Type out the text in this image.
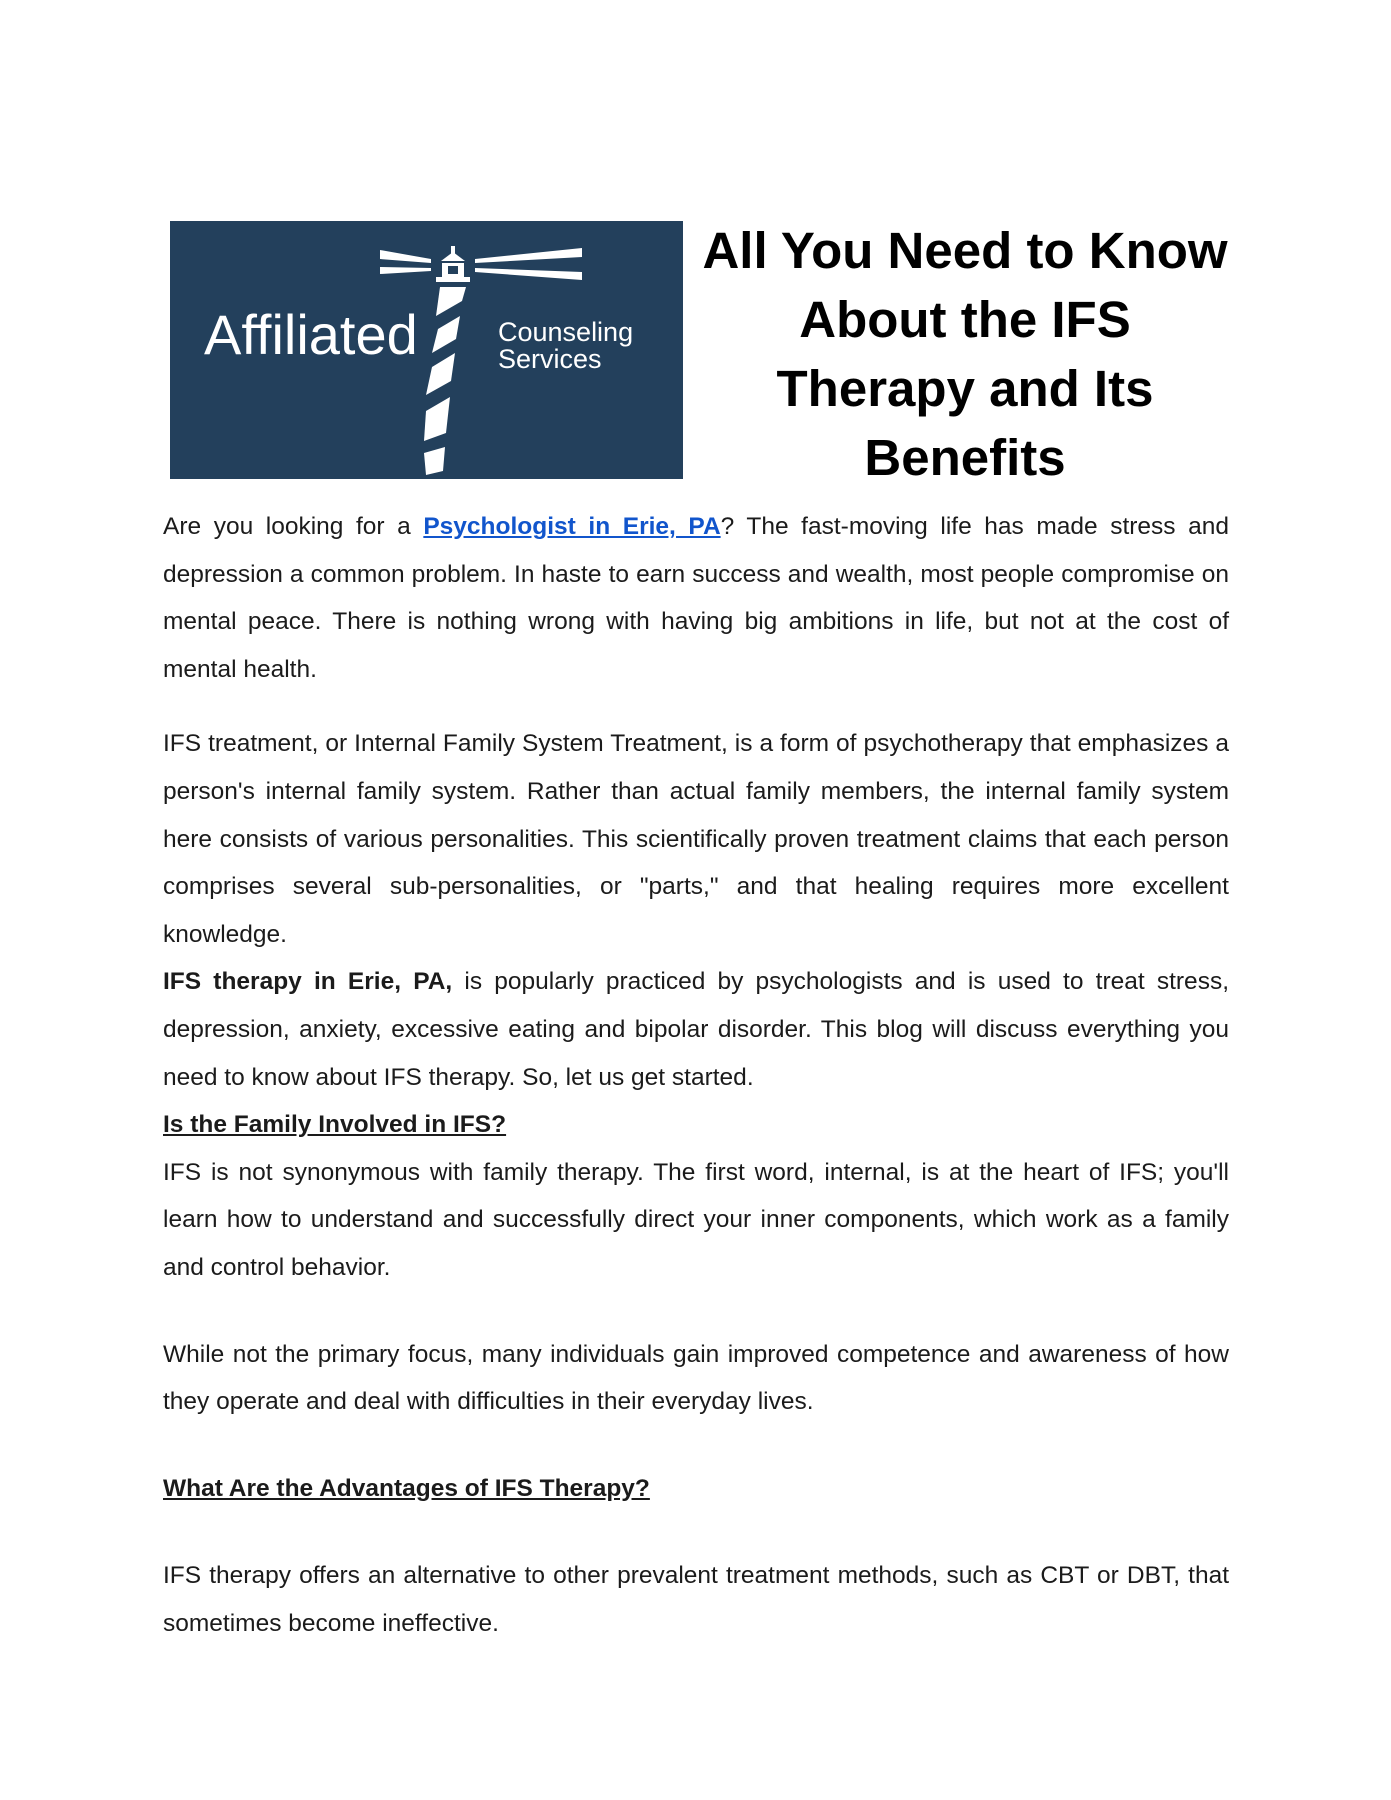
Affiliated	Counseling
Services
All You Need to Know About the IFS Therapy and Its Benefits

Are you looking for a Psychologist in Erie, PA? The fast-moving life has made stress and depression a common problem. In haste to earn success and wealth, most people compromise on mental peace. There is nothing wrong with having big ambitions in life, but not at the cost of mental health.

IFS treatment, or Internal Family System Treatment, is a form of psychotherapy that emphasizes a person's internal family system. Rather than actual family members, the internal family system here consists of various personalities. This scientifically proven treatment claims that each person comprises several sub-personalities, or "parts," and that healing requires more excellent knowledge.

IFS therapy in Erie, PA, is popularly practiced by psychologists and is used to treat stress, depression, anxiety, excessive eating and bipolar disorder. This blog will discuss everything you need to know about IFS therapy. So, let us get started.

Is the Family Involved in IFS?

IFS is not synonymous with family therapy. The first word, internal, is at the heart of IFS; you'll learn how to understand and successfully direct your inner components, which work as a family and control behavior.

While not the primary focus, many individuals gain improved competence and awareness of how they operate and deal with difficulties in their everyday lives.

What Are the Advantages of IFS Therapy?

IFS therapy offers an alternative to other prevalent treatment methods, such as CBT or DBT, that sometimes become ineffective.
